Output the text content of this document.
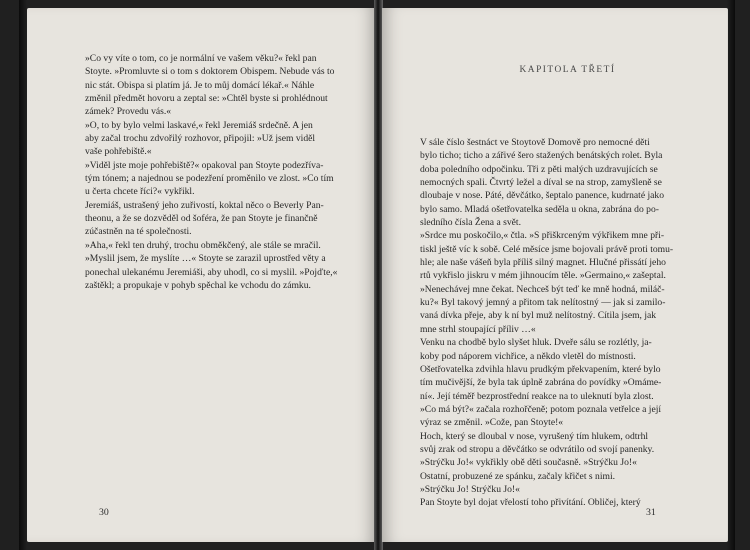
»Co vy víte o tom, co je normální ve vašem věku?« řekl pan
Stoyte. »Promluvte si o tom s doktorem Obispem. Nebude vás to
nic stát. Obispa si platím já. Je to můj domácí lékař.« Náhle
změnil předmět hovoru a zeptal se: »Chtěl byste si prohlédnout
zámek? Provedu vás.«
»O, to by bylo velmi laskavé,« řekl Jeremiáš srdečně. A jen
aby začal trochu zdvořilý rozhovor, připojil: »Už jsem viděl
vaše pohřebiště.«
»Viděl jste moje pohřebiště?« opakoval pan Stoyte podezříva-
tým tónem; a najednou se podezření proměnilo ve zlost. »Co tím
u čerta chcete říci?« vykřikl.
Jeremiáš, ustrašený jeho zuřivostí, koktal něco o Beverly Pan-
theonu, a že se dozvěděl od šoféra, že pan Stoyte je finančně
zúčastněn na té společnosti.
»Aha,« řekl ten druhý, trochu obměkčený, ale stále se mračil.
»Myslil jsem, že myslíte …« Stoyte se zarazil uprostřed věty a
ponechal ulekanému Jeremiáši, aby uhodl, co si myslil. »Pojďte,«
zaštěkl; a propukaje v pohyb spěchal ke vchodu do zámku.
30
KAPITOLA TŘETÍ
V sále číslo šestnáct ve Stoytově Domově pro nemocné děti
bylo ticho; ticho a zářivé šero stažených benátských rolet. Byla
doba poledního odpočinku. Tři z pěti malých uzdravujících se
nemocných spali. Čtvrtý ležel a díval se na strop, zamyšleně se
dloubaje v nose. Páté, děvčátko, šeptalo panence, kudrnaté jako
bylo samo. Mladá ošetřovatelka seděla u okna, zabrána do po-
sledního čísla Žena a svět.
»Srdce mu poskočilo,« čtla. »S přiškrceným výkřikem mne při-
tiskl ještě víc k sobě. Celé měsíce jsme bojovali právě proti tomu-
hle; ale naše vášeň byla příliš silný magnet. Hlučné přissátí jeho
rtů vykřislo jiskru v mém jihnoucím těle. »Germaino,« zašeptal.
»Nenechávej mne čekat. Nechceš být teď ke mně hodná, miláč-
ku?« Byl takový jemný a přitom tak nelítostný — jak si zamilo-
vaná dívka přeje, aby k ní byl muž nelítostný. Cítila jsem, jak
mne strhl stoupající příliv …«
Venku na chodbě bylo slyšet hluk. Dveře sálu se rozlétly, ja-
koby pod náporem vichřice, a někdo vletěl do místnosti.
Ošetřovatelka zdvihla hlavu prudkým překvapením, které bylo
tím mučivější, že byla tak úplně zabrána do povídky »Omáme-
ní«. Její téměř bezprostřední reakce na to uleknutí byla zlost.
»Co má být?« začala rozhořčeně; potom poznala vetřelce a její
výraz se změnil. »Cože, pan Stoyte!«
Hoch, který se dloubal v nose, vyrušený tím hlukem, odtrhl
svůj zrak od stropu a děvčátko se odvrátilo od svojí panenky.
»Strýčku Jo!« vykřikly obě děti současně. »Strýčku Jo!«
Ostatní, probuzené ze spánku, začaly křičet s nimi.
»Strýčku Jo! Strýčku Jo!«
Pan Stoyte byl dojat vřelostí toho přivítání. Obličej, který
31
